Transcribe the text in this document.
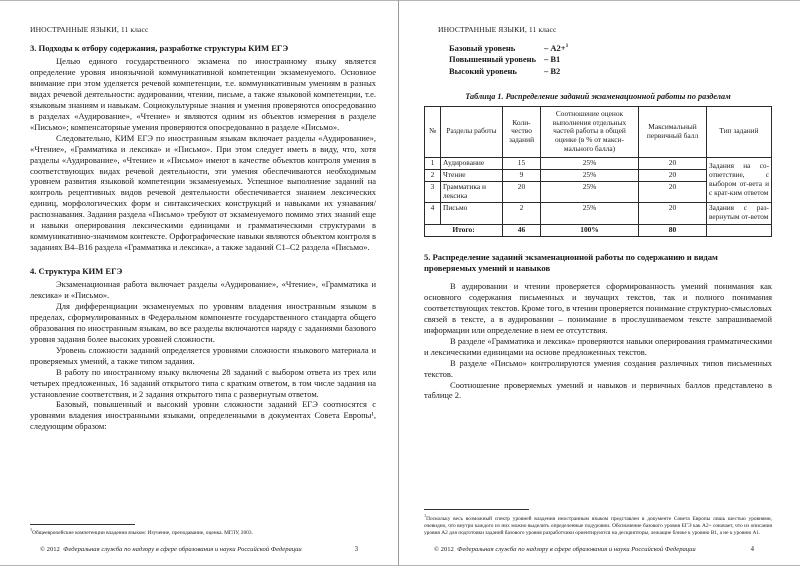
ИНОСТРАННЫЕ ЯЗЫКИ, 11 класс
3. Подходы к отбору содержания, разработке структуры КИМ ЕГЭ

Целью единого государственного экзамена по иностранному языку является определение уровня иноязычной коммуникативной компетенции экзаменуемого. Основное внимание при этом уделяется речевой компетенции, т.е. коммуникативным умениям в разных видах речевой деятельности: аудировании, чтении, письме, а также языковой компетенции, т.е. языковым знаниям и навыкам. Социокультурные знания и умения проверяются опосредованно в разделах «Аудирование», «Чтение» и являются одним из объектов измерения в разделе «Письмо»; компенсаторные умения проверяются опосредованно в разделе «Письмо».

Следовательно, КИМ ЕГЭ по иностранным языкам включает разделы «Аудирование», «Чтение», «Грамматика и лексика» и «Письмо». При этом следует иметь в виду, что, хотя разделы «Аудирование», «Чтение» и «Письмо» имеют в качестве объектов контроля умения в соответствующих видах речевой деятельности, эти умения обеспечиваются необходимым уровнем развития языковой компетенции экзаменуемых. Успешное выполнение заданий на контроль рецептивных видов речевой деятельности обеспечивается знанием лексических единиц, морфологических форм и синтаксических конструкций и навыками их узнавания/распознавания. Задания раздела «Письмо» требуют от экзаменуемого помимо этих знаний еще и навыки оперирования лексическими единицами и грамматическими структурами в коммуникативно-значимом контексте. Орфографические навыки являются объектом контроля в заданиях В4–В16 раздела «Грамматика и лексика», а также заданий С1–С2 раздела «Письмо».

4. Структура КИМ ЕГЭ

Экзаменационная работа включает разделы «Аудирование», «Чтение», «Грамматика и лексика» и «Письмо».

Для дифференциации экзаменуемых по уровням владения иностранным языком в пределах, сформулированных в Федеральном компоненте государственного стандарта общего образования по иностранным языкам, во все разделы включаются наряду с заданиями базового уровня задания более высоких уровней сложности.

Уровень сложности заданий определяется уровнями сложности языкового материала и проверяемых умений, а также типом задания.

В работу по иностранному языку включены 28 заданий с выбором ответа из трех или четырех предложенных, 16 заданий открытого типа с кратким ответом, в том числе задания на установление соответствия, и 2 задания открытого типа с развернутым ответом.

Базовый, повышенный и высокий уровни сложности заданий ЕГЭ соотносятся с уровнями владения иностранными языками, определенными в документах Совета Европы¹, следующим образом:

$^1$Общеевропейские компетенции владения языком: Изучение, преподавание, оценка. МГЛУ, 2003.

© 2012 Федеральная служба по надзору в сфере образования и науки Российской Федерации	3
ИНОСТРАННЫЕ ЯЗЫКИ, 11 класс
Базовый уровень	– А2+$^1$
Повышенный уровень – В1
Высокий уровень	– В2
Таблица 1. Распределение заданий экзаменационной работы по разделам
№	Разделы работы	Коли-чество заданий	Соотношение оценок выполнения отдельных частей работы в общей оценке (в % от макси-мального балла)	Максимальный первичный балл	Тип заданий
1	Аудирование	15	25%	20	Задания на со-ответствие, с выбором от-вета и с крат-ким ответом
2	Чтение	9	25%	20	
3	Грамматика и лексика	20	25%	20	
4	Письмо	2	25%	20	Задания с раз-вернутым от-ветом
Итого:		46	100%	80	
5. Распределение заданий экзаменационной работы по содержанию и видам проверяемых умений и навыков

В аудировании и чтении проверяется сформированность умений понимания как основного содержания письменных и звучащих текстов, так и полного понимания соответствующих текстов. Кроме того, в чтении проверяется понимание структурно-смысловых связей в тексте, а в аудировании – понимание в прослушиваемом тексте запрашиваемой информации или определение в нем ее отсутствия.

В разделе «Грамматика и лексика» проверяются навыки оперирования грамматическими и лексическими единицами на основе предложенных текстов.

В разделе «Письмо» контролируются умения создания различных типов письменных текстов.

Соотношение проверяемых умений и навыков и первичных баллов представлено в таблице 2.

$^1$Поскольку весь возможный спектр уровней владения иностранным языком представлен в документе Совета Европы лишь шестью уровнями, очевидно, что внутри каждого из них можно выделить определенные подуровни. Обозначение базового уровня ЕГЭ как А2+ означает, что из описания уровня А2 для подготовки заданий базового уровня разработчики ориентируются на дескрипторы, лежащие ближе к уровню В1, а не к уровню А1.

© 2012 Федеральная служба по надзору в сфере образования и науки Российской Федерации	4
